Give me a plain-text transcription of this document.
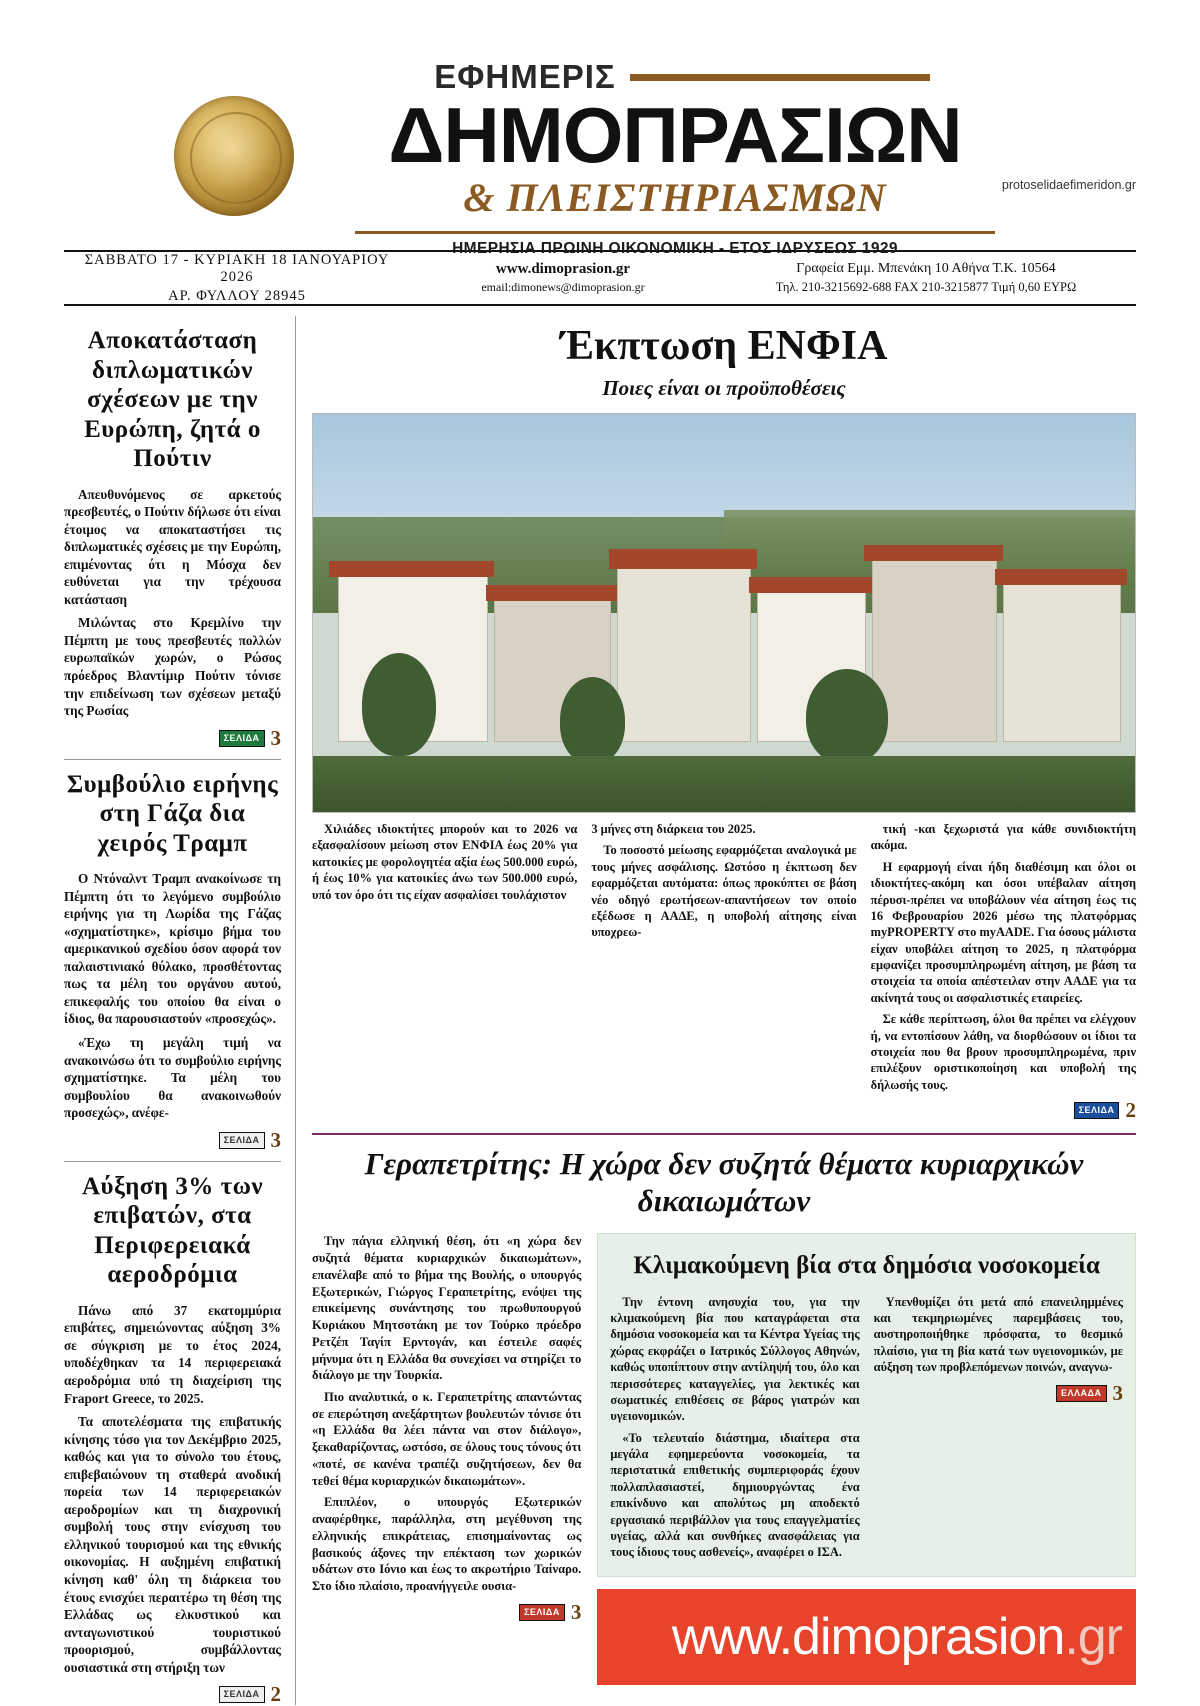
ΕΦΗΜΕΡΙΣ
ΔΗΜΟΠΡΑΣΙΩΝ
& ΠΛΕΙΣΤΗΡΙΑΣΜΩΝ
ΗΜΕΡΗΣΙΑ ΠΡΩΙΝΗ ΟΙΚΟΝΟΜΙΚΗ - ΕΤΟΣ ΙΔΡΥΣΕΩΣ 1929
protoselidaefimeridon.gr
ΣΑΒΒΑΤΟ 17 - ΚΥΡΙΑΚΗ 18 ΙΑΝΟΥΑΡΙΟΥ 2026
ΑΡ. ΦΥΛΛΟΥ 28945
www.dimoprasion.gr
email:dimonews@dimoprasion.gr
Γραφεία Εμμ. Μπενάκη 10 Αθήνα Τ.Κ. 10564
Τηλ. 210-3215692-688 FAX 210-3215877 Τιμή 0,60 ΕΥΡΩ
Αποκατάσταση διπλωματικών σχέσεων με την Ευρώπη, ζητά ο Πούτιν

Απευθυνόμενος σε αρκετούς πρεσβευτές, ο Πούτιν δήλωσε ότι είναι έτοιμος να αποκαταστήσει τις διπλωματικές σχέσεις με την Ευρώπη, επιμένοντας ότι η Μόσχα δεν ευθύνεται για την τρέχουσα κατάσταση

Μιλώντας στο Κρεμλίνο την Πέμπτη με τους πρεσβευτές πολλών ευρωπαϊκών χωρών, ο Ρώσος πρόεδρος Βλαντίμιρ Πούτιν τόνισε την επιδείνωση των σχέσεων μεταξύ της Ρωσίας

ΣΕΛΙΔΑ 3
Συμβούλιο ειρήνης στη Γάζα δια χειρός Τραμπ

Ο Ντόναλντ Τραμπ ανακοίνωσε τη Πέμπτη ότι το λεγόμενο συμβούλιο ειρήνης για τη Λωρίδα της Γάζας «σχηματίστηκε», κρίσιμο βήμα του αμερικανικού σχεδίου όσον αφορά τον παλαιστινιακό θύλακο, προσθέτοντας πως τα μέλη του οργάνου αυτού, επικεφαλής του οποίου θα είναι ο ίδιος, θα παρουσιαστούν «προσεχώς».

«Έχω τη μεγάλη τιμή να ανακοινώσω ότι το συμβούλιο ειρήνης σχηματίστηκε. Τα μέλη του συμβουλίου θα ανακοινωθούν προσεχώς», ανέφε-

ΣΕΛΙΔΑ 3
Αύξηση 3% των επιβατών, στα Περιφερειακά αεροδρόμια

Πάνω από 37 εκατομμύρια επιβάτες, σημειώνοντας αύξηση 3% σε σύγκριση με το έτος 2024, υποδέχθηκαν τα 14 περιφερειακά αεροδρόμια υπό τη διαχείριση της Fraport Greece, το 2025.

Τα αποτελέσματα της επιβατικής κίνησης τόσο για τον Δεκέμβριο 2025, καθώς και για το σύνολο του έτους, επιβεβαιώνουν τη σταθερά ανοδική πορεία των 14 περιφερειακών αεροδρομίων και τη διαχρονική συμβολή τους στην ενίσχυση του ελληνικού τουρισμού και της εθνικής οικονομίας. Η αυξημένη επιβατική κίνηση καθ' όλη τη διάρκεια του έτους ενισχύει περαιτέρω τη θέση της Ελλάδας ως ελκυστικού και ανταγωνιστικού τουριστικού προορισμού, συμβάλλοντας ουσιαστικά στη στήριξη των

ΣΕΛΙΔΑ 2
Έκπτωση ΕΝΦΙΑ
Ποιες είναι οι προϋποθέσεις

Χιλιάδες ιδιοκτήτες μπορούν και το 2026 να εξασφαλίσουν μείωση στον ΕΝΦΙΑ έως 20% για κατοικίες με φορολογητέα αξία έως 500.000 ευρώ, ή έως 10% για κατοικίες άνω των 500.000 ευρώ, υπό τον όρο ότι τις είχαν ασφαλίσει τουλάχιστον

3 μήνες στη διάρκεια του 2025.

Το ποσοστό μείωσης εφαρμόζεται αναλογικά με τους μήνες ασφάλισης. Ωστόσο η έκπτωση δεν εφαρμόζεται αυτόματα: όπως προκύπτει σε βάση νέο οδηγό ερωτήσεων-απαντήσεων τον οποίο εξέδωσε η ΑΑΔΕ, η υποβολή αίτησης είναι υποχρεω-

τική -και ξεχωριστά για κάθε συνιδιοκτήτη ακόμα.

Η εφαρμογή είναι ήδη διαθέσιμη και όλοι οι ιδιοκτήτες-ακόμη και όσοι υπέβαλαν αίτηση πέρυσι-πρέπει να υποβάλουν νέα αίτηση έως τις 16 Φεβρουαρίου 2026 μέσω της πλατφόρμας myPROPERTY στο myAADE. Για όσους μάλιστα είχαν υποβάλει αίτηση το 2025, η πλατφόρμα εμφανίζει προσυμπληρωμένη αίτηση, με βάση τα στοιχεία τα οποία απέστειλαν στην ΑΑΔΕ για τα ακίνητά τους οι ασφαλιστικές εταιρείες.

Σε κάθε περίπτωση, όλοι θα πρέπει να ελέγχουν ή, να εντοπίσουν λάθη, να διορθώσουν οι ίδιοι τα στοιχεία που θα βρουν προσυμπληρωμένα, πριν επιλέξουν οριστικοποίηση και υποβολή της δήλωσής τους.

ΣΕΛΙΔΑ 2
Γεραπετρίτης: Η χώρα δεν συζητά θέματα κυριαρχικών δικαιωμάτων

Την πάγια ελληνική θέση, ότι «η χώρα δεν συζητά θέματα κυριαρχικών δικαιωμάτων», επανέλαβε από το βήμα της Βουλής, ο υπουργός Εξωτερικών, Γιώργος Γεραπετρίτης, ενόψει της επικείμενης συνάντησης του πρωθυπουργού Κυριάκου Μητσοτάκη με τον Τούρκο πρόεδρο Ρετζέπ Ταγίπ Ερντογάν, και έστειλε σαφές μήνυμα ότι η Ελλάδα θα συνεχίσει να στηρίζει το διάλογο με την Τουρκία.

Πιο αναλυτικά, ο κ. Γεραπετρίτης απαντώντας σε επερώτηση ανεξάρτητων βουλευτών τόνισε ότι «η Ελλάδα θα λέει πάντα ναι στον διάλογο», ξεκαθαρίζοντας, ωστόσο, σε όλους τους τόνους ότι «ποτέ, σε κανένα τραπέζι συζητήσεων, δεν θα τεθεί θέμα κυριαρχικών δικαιωμάτων».

Επιπλέον, ο υπουργός Εξωτερικών αναφέρθηκε, παράλληλα, στη μεγέθυνση της ελληνικής επικράτειας, επισημαίνοντας ως βασικούς άξονες την επέκταση των χωρικών υδάτων στο Ιόνιο και έως το ακρωτήριο Ταίναρο. Στο ίδιο πλαίσιο, προανήγγειλε ουσια-

ΣΕΛΙΔΑ 3
Κλιμακούμενη βία στα δημόσια νοσοκομεία

Την έντονη ανησυχία του, για την κλιμακούμενη βία που καταγράφεται στα δημόσια νοσοκομεία και τα Κέντρα Υγείας της χώρας εκφράζει ο Ιατρικός Σύλλογος Αθηνών, καθώς υποπίπτουν στην αντίληψή του, όλο και περισσότερες καταγγελίες, για λεκτικές και σωματικές επιθέσεις σε βάρος γιατρών και υγειονομικών.

«Το τελευταίο διάστημα, ιδιαίτερα στα μεγάλα εφημερεύοντα νοσοκομεία, τα περιστατικά επιθετικής συμπεριφοράς έχουν πολλαπλασιαστεί, δημιουργώντας ένα επικίνδυνο και απολύτως μη αποδεκτό εργασιακό περιβάλλον για τους επαγγελματίες υγείας, αλλά και συνθήκες ανασφάλειας για τους ίδιους τους ασθενείς», αναφέρει ο ΙΣΑ.

Υπενθυμίζει ότι μετά από επανειλημμένες και τεκμηριωμένες παρεμβάσεις του, αυστηροποιήθηκε πρόσφατα, το θεσμικό πλαίσιο, για τη βία κατά των υγειονομικών, με αύξηση των προβλεπόμενων ποινών, αναγνω-

ΕΛΛΑΔΑ 3
www.dimoprasion.gr
